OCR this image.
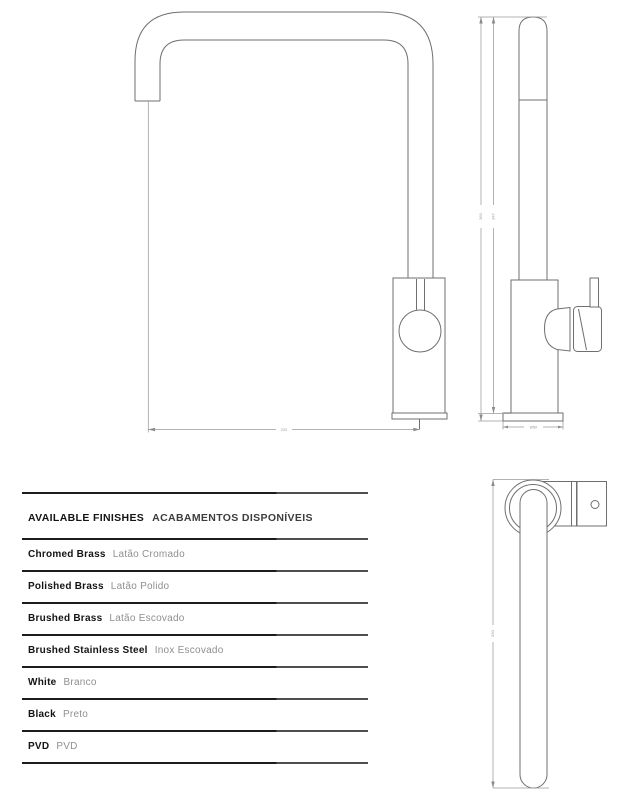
232
360 347
Ø50
330
AVAILABLE FINISHES ACABAMENTOS DISPONÍVEIS
Chromed Brass Latão Cromado
Polished Brass Latão Polido
Brushed Brass Latão Escovado
Brushed Stainless Steel Inox Escovado
White Branco
Black Preto
PVD PVD
